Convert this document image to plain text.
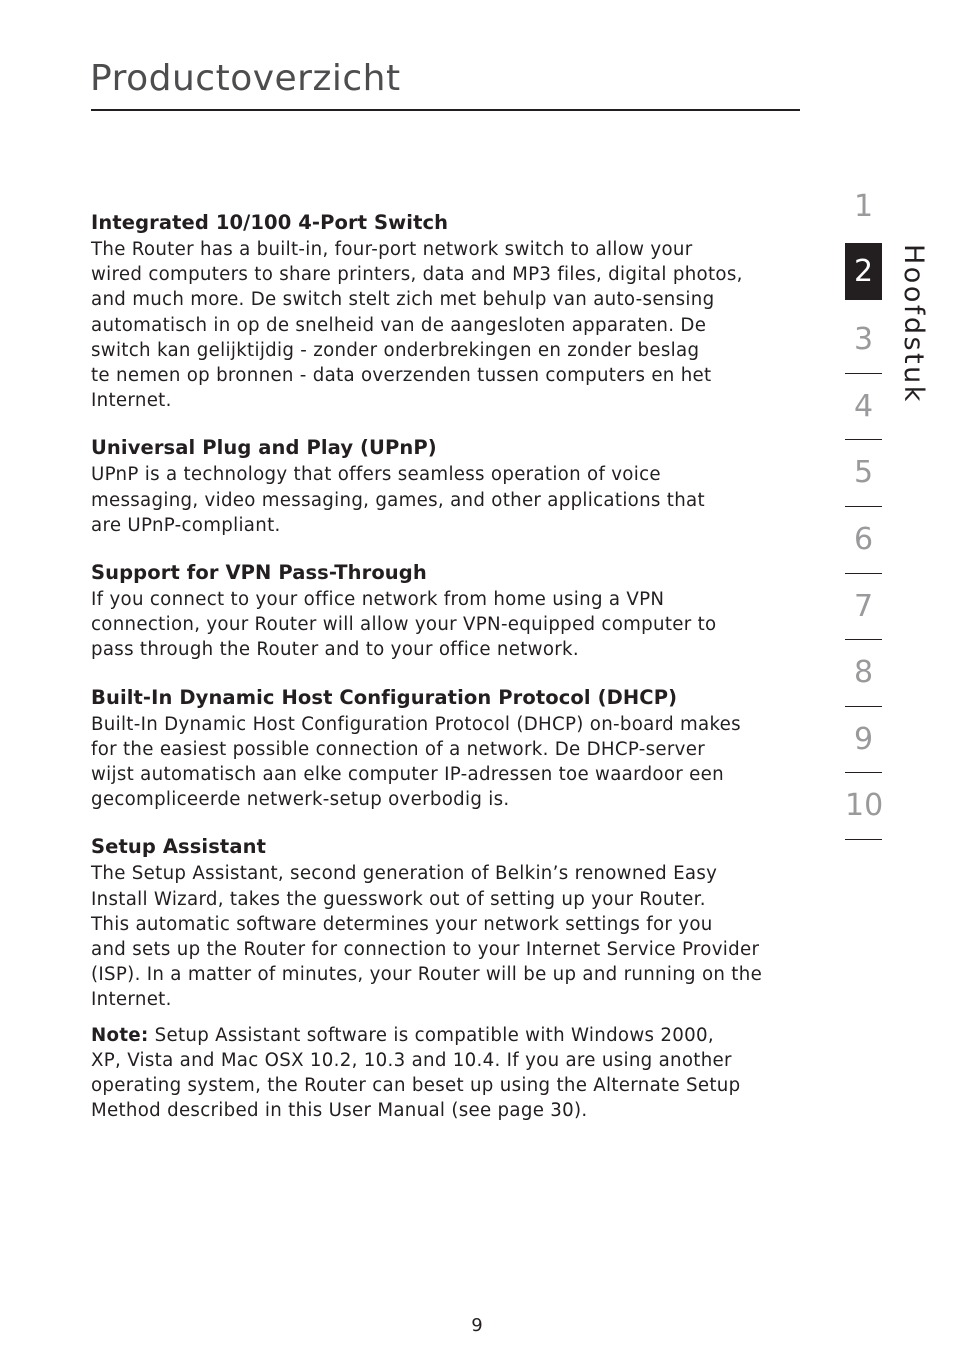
Productoverzicht
Integrated 10/100 4-Port Switch

The Router has a built-in, four-port network switch to allow your
wired computers to share printers, data and MP3 files, digital photos,
and much more. De switch stelt zich met behulp van auto-sensing
automatisch in op de snelheid van de aangesloten apparaten. De
switch kan gelijktijdig - zonder onderbrekingen en zonder beslag
te nemen op bronnen - data overzenden tussen computers en het
Internet.

Universal Plug and Play (UPnP)

UPnP is a technology that offers seamless operation of voice
messaging, video messaging, games, and other applications that
are UPnP-compliant.

Support for VPN Pass-Through

If you connect to your office network from home using a VPN
connection, your Router will allow your VPN-equipped computer to
pass through the Router and to your office network.

Built-In Dynamic Host Configuration Protocol (DHCP)

Built-In Dynamic Host Configuration Protocol (DHCP) on-board makes
for the easiest possible connection of a network. De DHCP-server
wijst automatisch aan elke computer IP-adressen toe waardoor een
gecompliceerde netwerk-setup overbodig is.

Setup Assistant

The Setup Assistant, second generation of Belkin’s renowned Easy
Install Wizard, takes the guesswork out of setting up your Router.
This automatic software determines your network settings for you
and sets up the Router for connection to your Internet Service Provider
(ISP). In a matter of minutes, your Router will be up and running on the
Internet.

Note: Setup Assistant software is compatible with Windows 2000,
XP, Vista and Mac OSX 10.2, 10.3 and 10.4. If you are using another
operating system, the Router can beset up using the Alternate Setup
Method described in this User Manual (see page 30).

1
3
4
5
6
7
8
9
10
2 Hoofdstuk
9
